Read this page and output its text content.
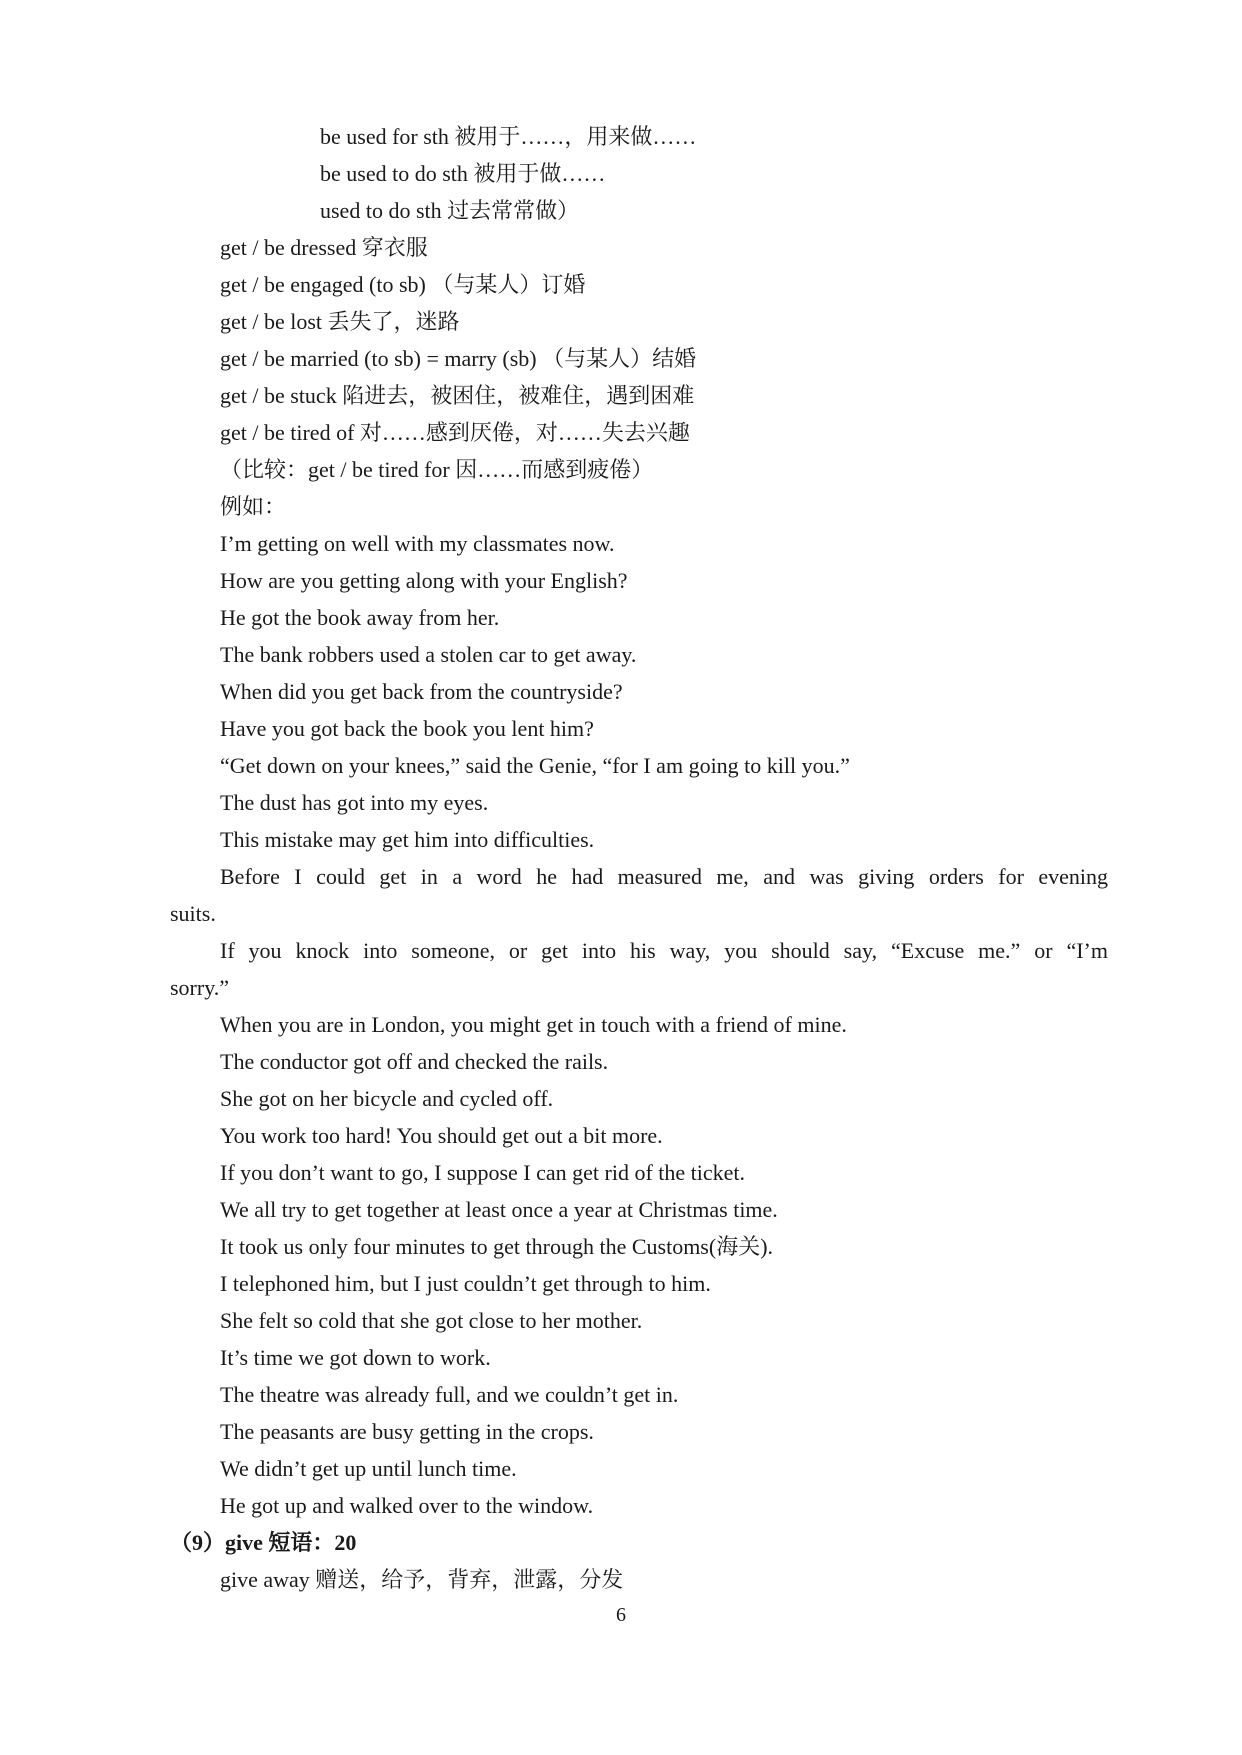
be used for sth 被用于……，用来做……
be used to do sth 被用于做……
used to do sth 过去常常做）
get / be dressed 穿衣服
get / be engaged (to sb) （与某人）订婚
get / be lost 丢失了，迷路
get / be married (to sb) = marry (sb) （与某人）结婚
get / be stuck 陷进去，被困住，被难住，遇到困难
get / be tired of 对……感到厌倦，对……失去兴趣
（比较：get / be tired for 因……而感到疲倦）
例如：
I’m getting on well with my classmates now.
How are you getting along with your English?
He got the book away from her.
The bank robbers used a stolen car to get away.
When did you get back from the countryside?
Have you got back the book you lent him?
“Get down on your knees,” said the Genie, “for I am going to kill you.”
The dust has got into my eyes.
This mistake may get him into difficulties.
Before I could get in a word he had measured me, and was giving orders for evening
suits.
If you knock into someone, or get into his way, you should say, “Excuse me.” or “I’m
sorry.”
When you are in London, you might get in touch with a friend of mine.
The conductor got off and checked the rails.
She got on her bicycle and cycled off.
You work too hard! You should get out a bit more.
If you don’t want to go, I suppose I can get rid of the ticket.
We all try to get together at least once a year at Christmas time.
It took us only four minutes to get through the Customs(海关).
I telephoned him, but I just couldn’t get through to him.
She felt so cold that she got close to her mother.
It’s time we got down to work.
The theatre was already full, and we couldn’t get in.
The peasants are busy getting in the crops.
We didn’t get up until lunch time.
He got up and walked over to the window.
（9）give 短语：20
give away 赠送，给予，背弃，泄露，分发
6
